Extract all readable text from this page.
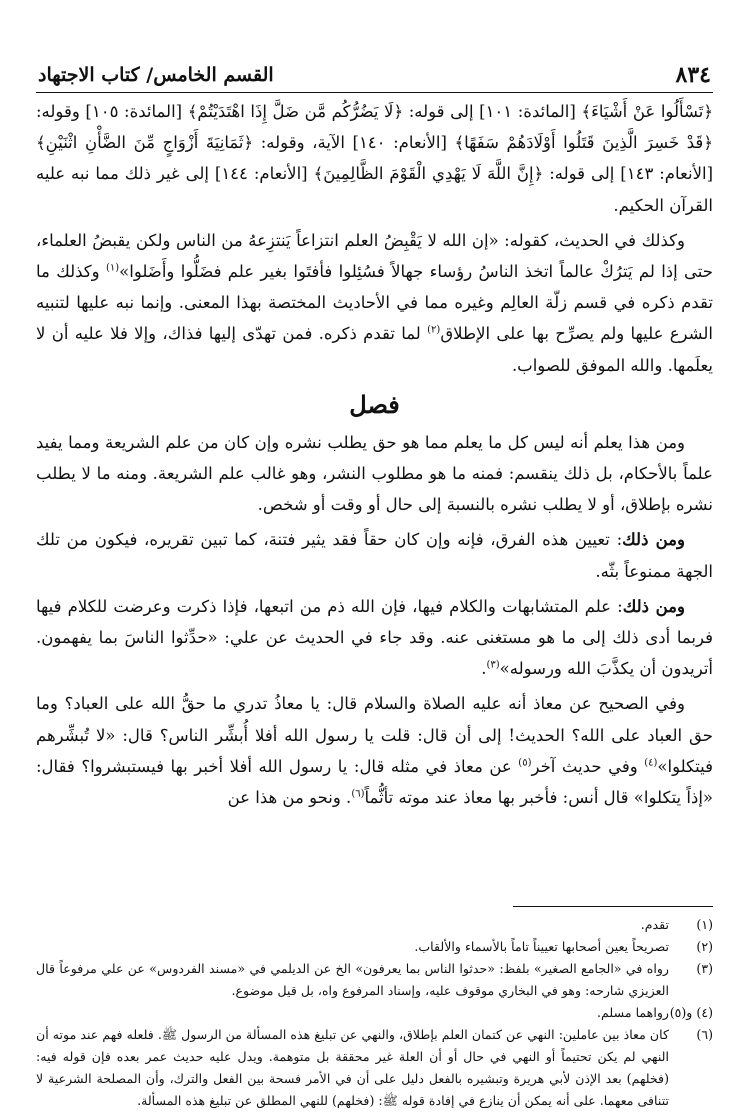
٨٣٤
القسم الخامس/ كتاب الاجتهاد

﴿تَسْأَلُوا عَنْ أَشْيَاءَ﴾ [المائدة: ١٠١] إلى قوله: ﴿لَا يَضُرُّكُم مَّن ضَلَّ إِذَا اهْتَدَيْتُمْ﴾ [المائدة: ١٠٥] وقوله: ﴿قَدْ خَسِرَ الَّذِينَ قَتَلُوا أَوْلَادَهُمْ سَفَهًا﴾ [الأنعام: ١٤٠] الآية، وقوله: ﴿ثَمَانِيَةَ أَزْوَاجٍ مِّنَ الضَّأْنِ اثْنَيْنِ﴾ [الأنعام: ١٤٣] إلى قوله: ﴿إِنَّ اللَّهَ لَا يَهْدِي الْقَوْمَ الظَّالِمِينَ﴾ [الأنعام: ١٤٤] إلى غير ذلك مما نبه عليه القرآن الحكيم.

وكذلك في الحديث، كقوله: «إن الله لا يَقْبِضُ العلم انتزاعاً يَنتزِعهُ من الناس ولكن يقبضُ العلماء، حتى إذا لم يَترُكْ عالماً اتخذ الناسُ رؤساء جهالاً فسُئِلوا فأفتَوا بغير علم فضَلُّوا وأَضَلوا»$^{(١)}$ وكذلك ما تقدم ذكره في قسم زلّة العالِم وغيره مما في الأحاديث المختصة بهذا المعنى. وإنما نبه عليها لتنبيه الشرع عليها ولم يصرِّح بها على الإطلاق$^{(٢)}$ لما تقدم ذكره. فمن تهدّى إليها فذاك، وإلا فلا عليه أن لا يعلَمها. والله الموفق للصواب.

فصل

ومن هذا يعلم أنه ليس كل ما يعلم مما هو حق يطلب نشره وإن كان من علم الشريعة ومما يفيد علماً بالأحكام، بل ذلك ينقسم: فمنه ما هو مطلوب النشر، وهو غالب علم الشريعة. ومنه ما لا يطلب نشره بإطلاق، أو لا يطلب نشره بالنسبة إلى حال أو وقت أو شخص.

ومن ذلك: تعيين هذه الفرق، فإنه وإن كان حقاً فقد يثير فتنة، كما تبين تقريره، فيكون من تلك الجهة ممنوعاً بثّه.

ومن ذلك: علم المتشابهات والكلام فيها، فإن الله ذم من اتبعها، فإذا ذكرت وعرضت للكلام فيها فربما أدى ذلك إلى ما هو مستغنى عنه. وقد جاء في الحديث عن علي: «حدِّثوا الناسَ بما يفهمون. أتريدون أن يكذَّبَ الله ورسوله»$^{(٣)}$.

وفي الصحيح عن معاذ أنه عليه الصلاة والسلام قال: يا معاذُ تدري ما حقُّ الله على العباد؟ وما حق العباد على الله؟ الحديث! إلى أن قال: قلت يا رسول الله أفلا أُبشِّر الناس؟ قال: «لا تُبشِّرهم فيتكلوا»$^{(٤)}$ وفي حديث آخر$^{(٥)}$ عن معاذ في مثله قال: يا رسول الله أفلا أخبر بها فيستبشروا؟ فقال: «إذاً يتكلوا» قال أنس: فأخبر بها معاذ عند موته تأثُّماً$^{(٦)}$. ونحو من هذا عن

(١)
تقدم.
(٢)
تصريحاً يعين أصحابها تعييناً تاماً بالأسماء والألقاب.
(٣)
رواه في «الجامع الصغير» بلفظ: «حدثوا الناس بما يعرفون» الخ عن الديلمي في «مسند الفردوس» عن علي مرفوعاً قال العزيزي شارحه: وهو في البخاري موقوف عليه، وإسناد المرفوع واه، بل قيل موضوع.
(٤) و(٥)
رواهما مسلم.
(٦)
كان معاذ بين عاملين: النهي عن كتمان العلم بإطلاق، والنهي عن تبليغ هذه المسألة من الرسول ﷺ. فلعله فهم عند موته أن النهي لم يكن تحتيماً أو النهي في حال أو أن العلة غير محققة بل متوهمة. ويدل عليه حديث عمر بعده فإن قوله فيه: (فخلهم) بعد الإذن لأبي هريرة وتبشيره بالفعل دليل على أن في الأمر فسحة بين الفعل والترك، وأن المصلحة الشرعية لا تتنافى معهما. على أنه يمكن أن ينازع في إفادة قوله ﷺ: (فخلهم) للنهي المطلق عن تبليغ هذه المسألة.
